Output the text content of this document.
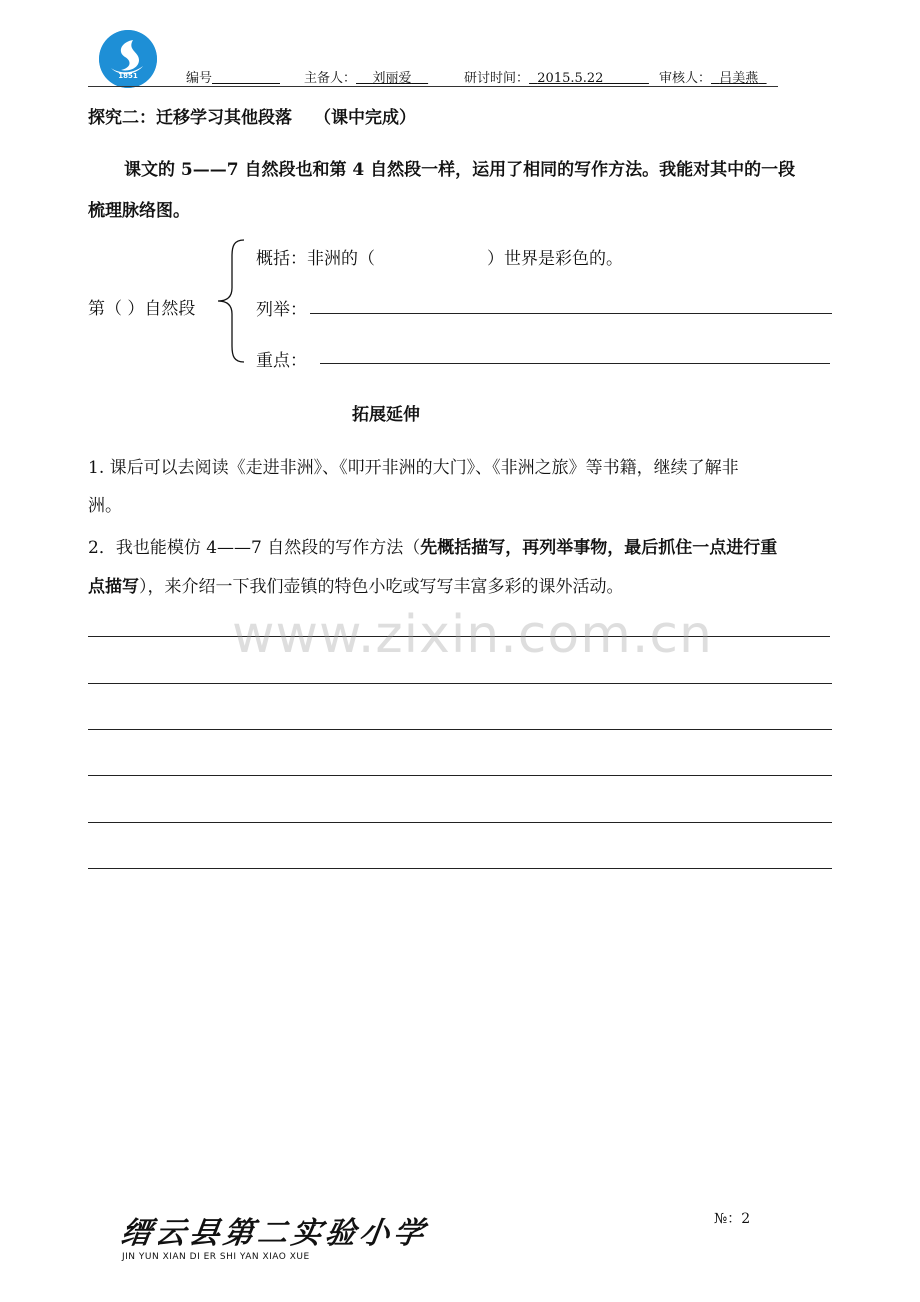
1851	编号	主备人： 刘丽爱	研讨时间： 2015.5.22	审核人： 吕美燕
探究二：迁移学习其他段落 （课中完成）
课文的 5——7 自然段也和第 4 自然段一样，运用了相同的写作方法。我能对其中的一段
梳理脉络图。
第（ ）自然段
概括：非洲的（	）世界是彩色的。
列举：
重点：
拓展延伸
1. 课后可以去阅读《走进非洲》、《叩开非洲的大门》、《非洲之旅》等书籍，继续了解非
洲。
2．我也能模仿 4——7 自然段的写作方法（先概括描写，再列举事物，最后抓住一点进行重
点描写），来介绍一下我们壶镇的特色小吃或写写丰富多彩的课外活动。
www.zixin.com.cn
缙云县第二实验小学
JIN YUN XIAN DI ER SHI YAN XIAO XUE
№：2
